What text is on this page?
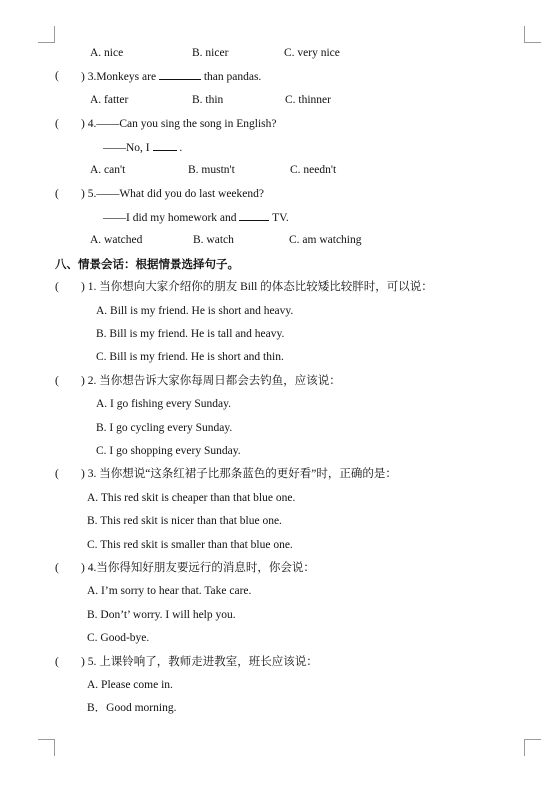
A. nice	B. nicer	C. very nice
( ) 3.Monkeys are	than pandas.
A. fatter	B. thin	C. thinner
( ) 4.——Can you sing the song in English?
——No, I	.
A. can't	B. mustn't	C. needn't
( ) 5.——What did you do last weekend?
——I did my homework and	TV.
A. watched	B. watch	C. am watching
八、情景会话：根据情景选择句子。
( ) 1. 当你想向大家介绍你的朋友 Bill 的体态比较矮比较胖时，可以说：
A. Bill is my friend. He is short and heavy.
B. Bill is my friend. He is tall and heavy.
C. Bill is my friend. He is short and thin.
( ) 2. 当你想告诉大家你每周日都会去钓鱼，应该说：
A. I go fishing every Sunday.
B. I go cycling every Sunday.
C. I go shopping every Sunday.
( ) 3. 当你想说“这条红裙子比那条蓝色的更好看”时，正确的是：
A. This red skit is cheaper than that blue one.
B. This red skit is nicer than that blue one.
C. This red skit is smaller than that blue one.
( ) 4.当你得知好朋友要远行的消息时，你会说：
A. I’m sorry to hear that. Take care.
B. Don’t’ worry. I will help you.
C. Good-bye.
( ) 5. 上课铃响了，教师走进教室，班长应该说：
A. Please come in.
B．Good morning.
